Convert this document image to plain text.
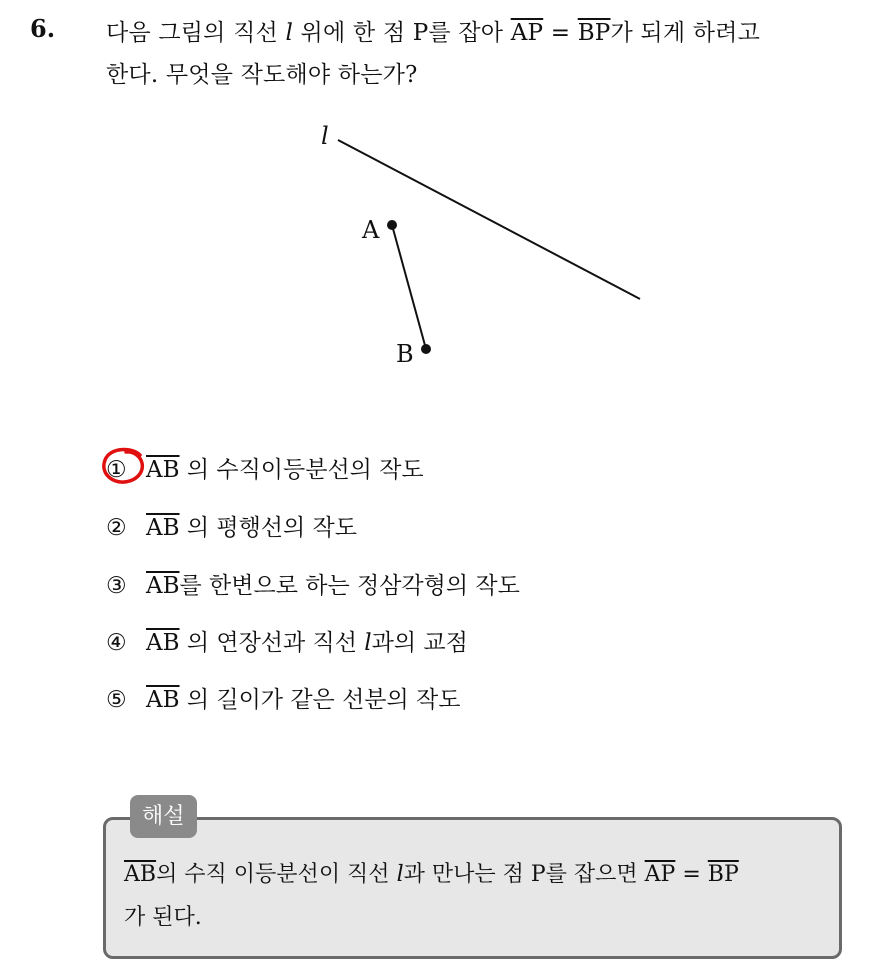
6. 다음 그림의 직선 l 위에 한 점 P를 잡아 $\overline{AP} = \overline{BP}$가 되게 하려고
한다. 무엇을 작도해야 하는가?
l
A
B
① $\overline{AB}$ 의 수직이등분선의 작도
② $\overline{AB}$ 의 평행선의 작도
③ $\overline{AB}$를 한변으로 하는 정삼각형의 작도
④ $\overline{AB}$ 의 연장선과 직선 l과의 교점
⑤ $\overline{AB}$ 의 길이가 같은 선분의 작도
해설
$\overline{AB}$의 수직 이등분선이 직선 l과 만나는 점 P를 잡으면 $\overline{AP} = \overline{BP}$
가 된다.
